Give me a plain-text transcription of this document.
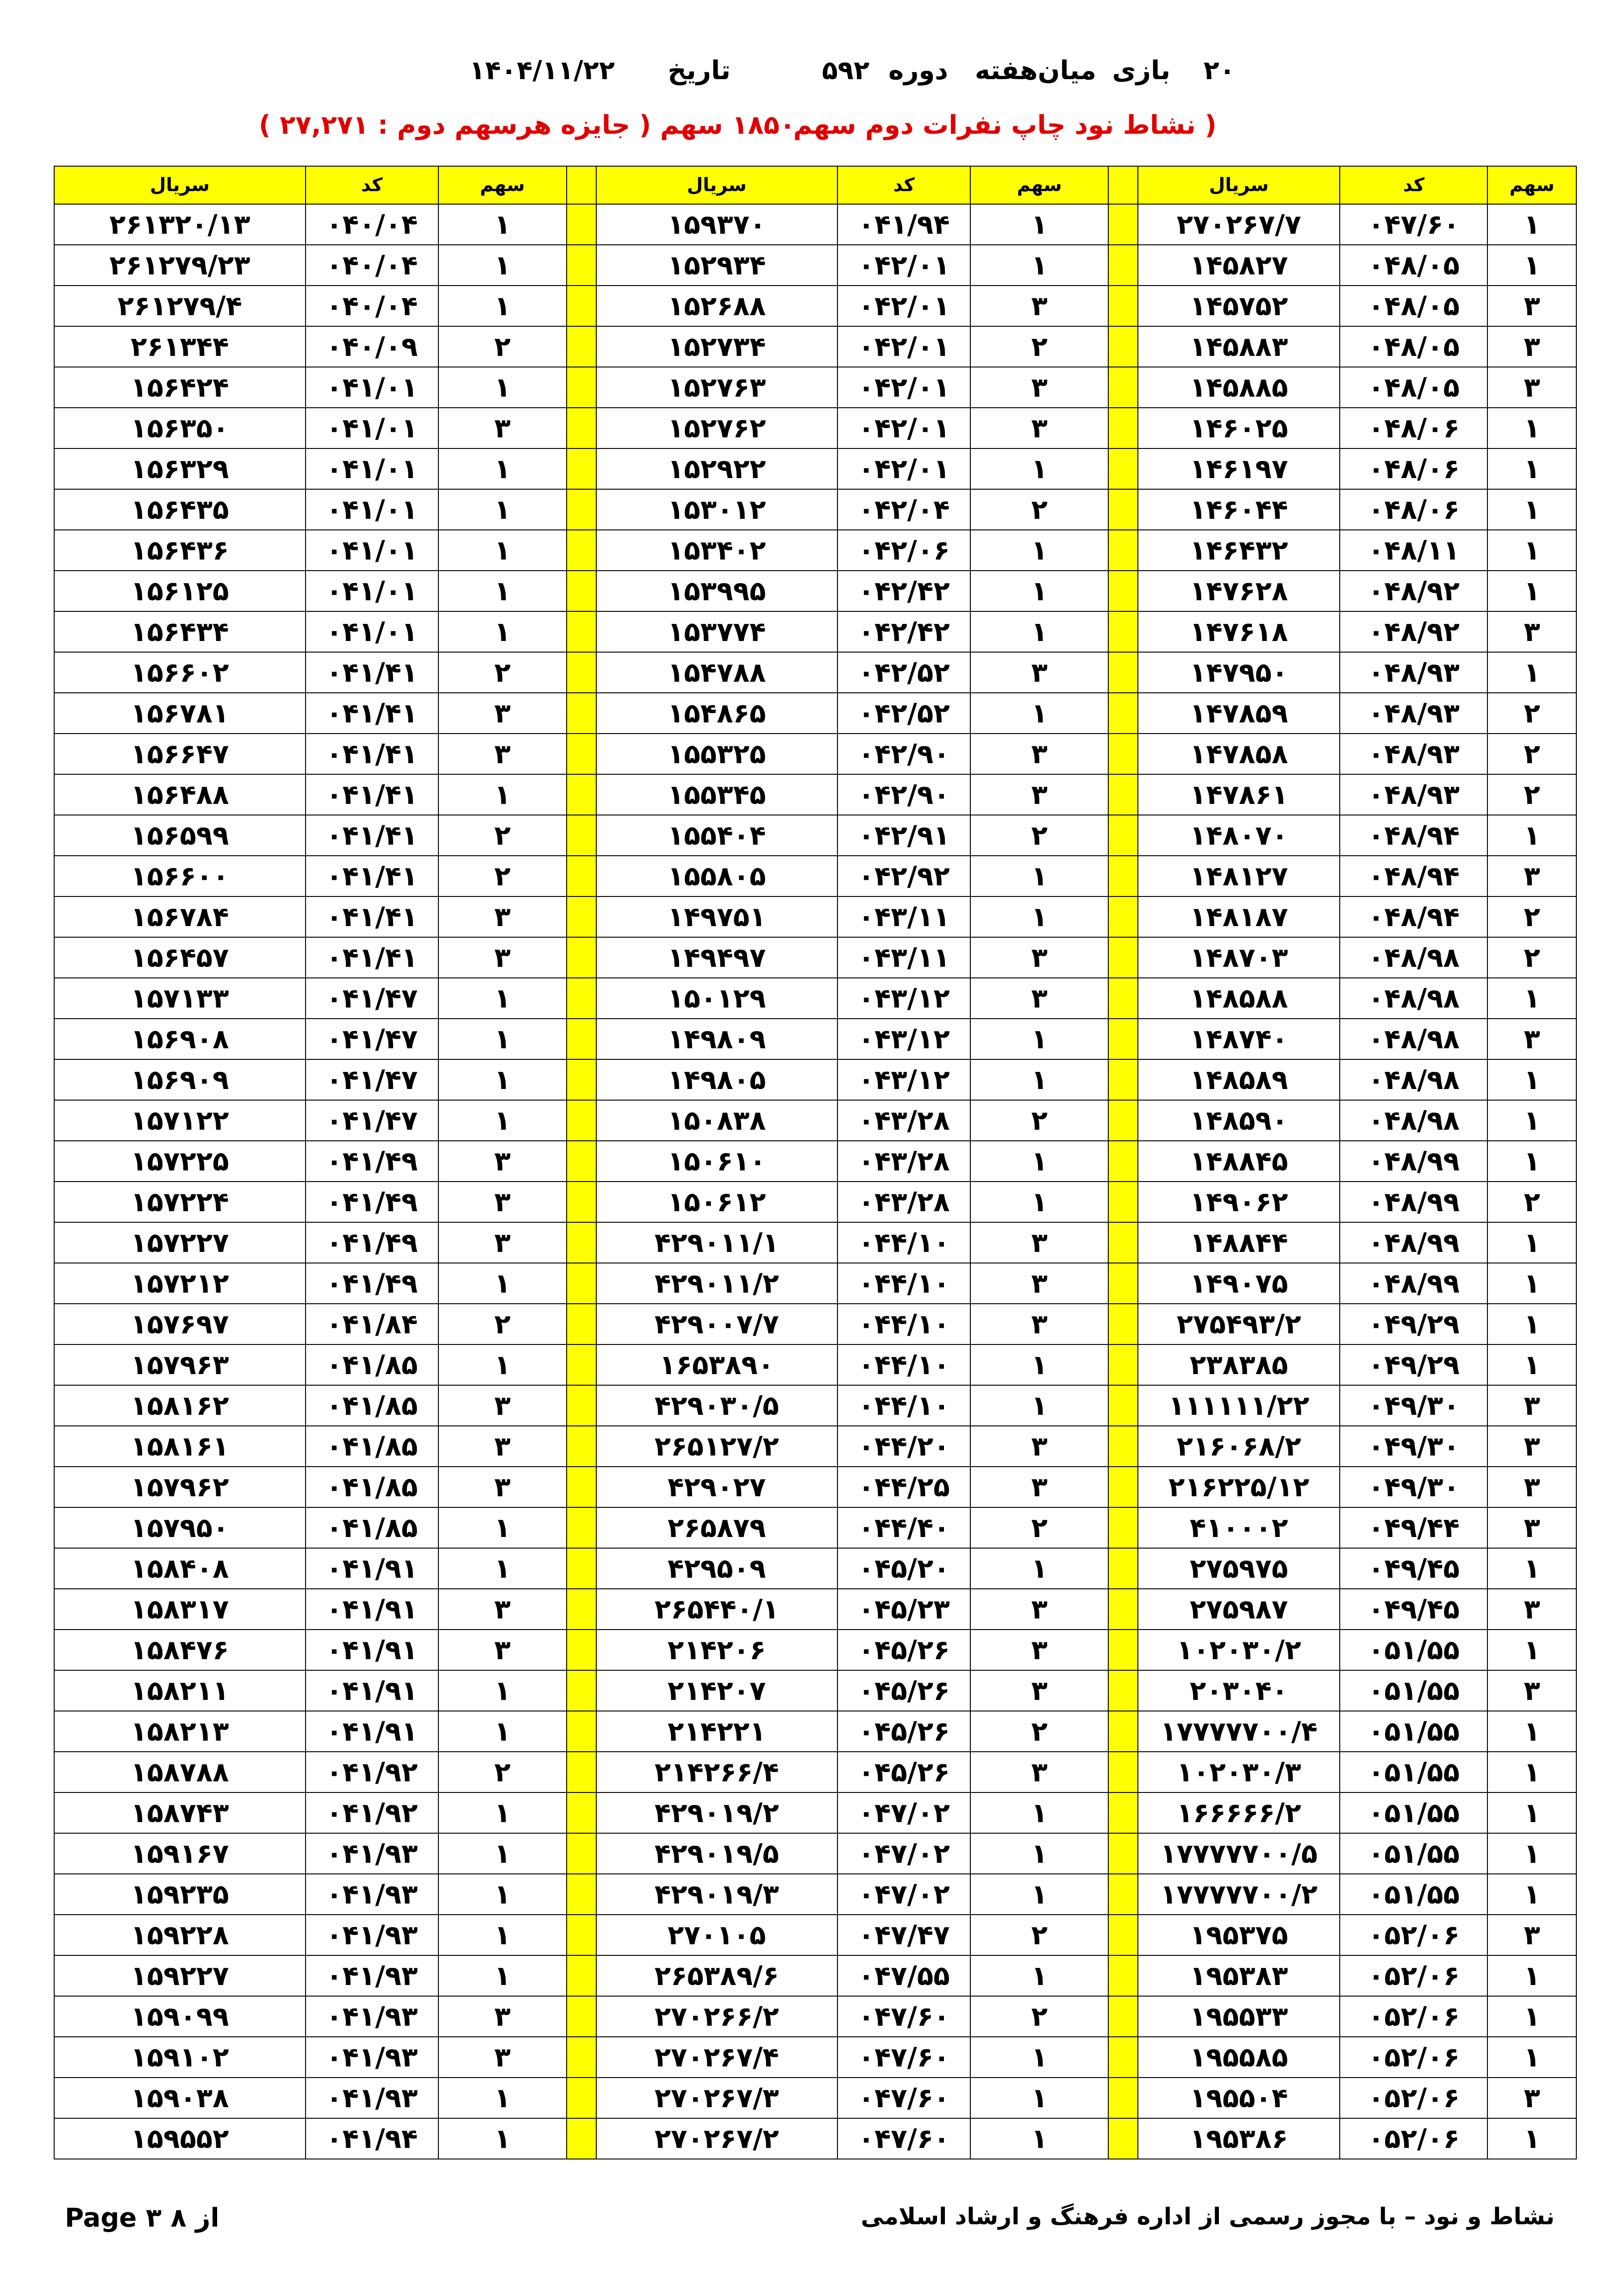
۲۰
بازی
میان‌هفته
دوره
۵۹۲
تاریخ
۱۴۰۴/۱۱/۲۲
( نشاط نود چاپ نفرات دوم سهم
۱۸۵۰ سهم ( جایزه هرسهم دوم : ۲۷,۲۷۱ )
سهم	کد	سریال		سهم	کد	سریال		سهم	کد	سریال
۱	۰۴۷/۶۰	۲۷۰۲۶۷/۷		۱	۰۴۱/۹۴	۱۵۹۳۷۰		۱	۰۴۰/۰۴	۲۶۱۳۲۰/۱۳
۱	۰۴۸/۰۵	۱۴۵۸۲۷		۱	۰۴۲/۰۱	۱۵۲۹۳۴		۱	۰۴۰/۰۴	۲۶۱۲۷۹/۲۳
۳	۰۴۸/۰۵	۱۴۵۷۵۲		۳	۰۴۲/۰۱	۱۵۲۶۸۸		۱	۰۴۰/۰۴	۲۶۱۲۷۹/۴
۳	۰۴۸/۰۵	۱۴۵۸۸۳		۲	۰۴۲/۰۱	۱۵۲۷۳۴		۲	۰۴۰/۰۹	۲۶۱۳۴۴
۳	۰۴۸/۰۵	۱۴۵۸۸۵		۳	۰۴۲/۰۱	۱۵۲۷۶۳		۱	۰۴۱/۰۱	۱۵۶۴۲۴
۱	۰۴۸/۰۶	۱۴۶۰۲۵		۳	۰۴۲/۰۱	۱۵۲۷۶۲		۳	۰۴۱/۰۱	۱۵۶۳۵۰
۱	۰۴۸/۰۶	۱۴۶۱۹۷		۱	۰۴۲/۰۱	۱۵۲۹۲۲		۱	۰۴۱/۰۱	۱۵۶۳۲۹
۱	۰۴۸/۰۶	۱۴۶۰۴۴		۲	۰۴۲/۰۴	۱۵۳۰۱۲		۱	۰۴۱/۰۱	۱۵۶۴۳۵
۱	۰۴۸/۱۱	۱۴۶۴۳۲		۱	۰۴۲/۰۶	۱۵۳۴۰۲		۱	۰۴۱/۰۱	۱۵۶۴۳۶
۱	۰۴۸/۹۲	۱۴۷۶۲۸		۱	۰۴۲/۴۲	۱۵۳۹۹۵		۱	۰۴۱/۰۱	۱۵۶۱۲۵
۳	۰۴۸/۹۲	۱۴۷۶۱۸		۱	۰۴۲/۴۲	۱۵۳۷۷۴		۱	۰۴۱/۰۱	۱۵۶۴۳۴
۱	۰۴۸/۹۳	۱۴۷۹۵۰		۳	۰۴۲/۵۲	۱۵۴۷۸۸		۲	۰۴۱/۴۱	۱۵۶۶۰۲
۲	۰۴۸/۹۳	۱۴۷۸۵۹		۱	۰۴۲/۵۲	۱۵۴۸۶۵		۳	۰۴۱/۴۱	۱۵۶۷۸۱
۲	۰۴۸/۹۳	۱۴۷۸۵۸		۳	۰۴۲/۹۰	۱۵۵۳۲۵		۳	۰۴۱/۴۱	۱۵۶۶۴۷
۲	۰۴۸/۹۳	۱۴۷۸۶۱		۳	۰۴۲/۹۰	۱۵۵۳۴۵		۱	۰۴۱/۴۱	۱۵۶۴۸۸
۱	۰۴۸/۹۴	۱۴۸۰۷۰		۲	۰۴۲/۹۱	۱۵۵۴۰۴		۲	۰۴۱/۴۱	۱۵۶۵۹۹
۳	۰۴۸/۹۴	۱۴۸۱۲۷		۱	۰۴۲/۹۲	۱۵۵۸۰۵		۲	۰۴۱/۴۱	۱۵۶۶۰۰
۲	۰۴۸/۹۴	۱۴۸۱۸۷		۱	۰۴۳/۱۱	۱۴۹۷۵۱		۳	۰۴۱/۴۱	۱۵۶۷۸۴
۲	۰۴۸/۹۸	۱۴۸۷۰۳		۳	۰۴۳/۱۱	۱۴۹۴۹۷		۳	۰۴۱/۴۱	۱۵۶۴۵۷
۱	۰۴۸/۹۸	۱۴۸۵۸۸		۳	۰۴۳/۱۲	۱۵۰۱۲۹		۱	۰۴۱/۴۷	۱۵۷۱۳۳
۳	۰۴۸/۹۸	۱۴۸۷۴۰		۱	۰۴۳/۱۲	۱۴۹۸۰۹		۱	۰۴۱/۴۷	۱۵۶۹۰۸
۱	۰۴۸/۹۸	۱۴۸۵۸۹		۱	۰۴۳/۱۲	۱۴۹۸۰۵		۱	۰۴۱/۴۷	۱۵۶۹۰۹
۱	۰۴۸/۹۸	۱۴۸۵۹۰		۲	۰۴۳/۲۸	۱۵۰۸۳۸		۱	۰۴۱/۴۷	۱۵۷۱۲۲
۱	۰۴۸/۹۹	۱۴۸۸۴۵		۱	۰۴۳/۲۸	۱۵۰۶۱۰		۳	۰۴۱/۴۹	۱۵۷۲۲۵
۲	۰۴۸/۹۹	۱۴۹۰۶۲		۱	۰۴۳/۲۸	۱۵۰۶۱۲		۳	۰۴۱/۴۹	۱۵۷۲۲۴
۱	۰۴۸/۹۹	۱۴۸۸۴۴		۳	۰۴۴/۱۰	۴۲۹۰۱۱/۱		۳	۰۴۱/۴۹	۱۵۷۲۲۷
۱	۰۴۸/۹۹	۱۴۹۰۷۵		۳	۰۴۴/۱۰	۴۲۹۰۱۱/۲		۱	۰۴۱/۴۹	۱۵۷۲۱۲
۱	۰۴۹/۲۹	۲۷۵۴۹۳/۲		۳	۰۴۴/۱۰	۴۲۹۰۰۷/۷		۲	۰۴۱/۸۴	۱۵۷۶۹۷
۱	۰۴۹/۲۹	۲۳۸۳۸۵		۱	۰۴۴/۱۰	۱۶۵۳۸۹۰		۱	۰۴۱/۸۵	۱۵۷۹۶۳
۳	۰۴۹/۳۰	۱۱۱۱۱۱/۲۲		۱	۰۴۴/۱۰	۴۲۹۰۳۰/۵		۳	۰۴۱/۸۵	۱۵۸۱۶۲
۳	۰۴۹/۳۰	۲۱۶۰۶۸/۲		۳	۰۴۴/۲۰	۲۶۵۱۲۷/۲		۳	۰۴۱/۸۵	۱۵۸۱۶۱
۳	۰۴۹/۳۰	۲۱۶۲۲۵/۱۲		۳	۰۴۴/۲۵	۴۲۹۰۲۷		۳	۰۴۱/۸۵	۱۵۷۹۶۲
۳	۰۴۹/۴۴	۴۱۰۰۰۲		۲	۰۴۴/۴۰	۲۶۵۸۷۹		۱	۰۴۱/۸۵	۱۵۷۹۵۰
۱	۰۴۹/۴۵	۲۷۵۹۷۵		۱	۰۴۵/۲۰	۴۲۹۵۰۹		۱	۰۴۱/۹۱	۱۵۸۴۰۸
۳	۰۴۹/۴۵	۲۷۵۹۸۷		۳	۰۴۵/۲۳	۲۶۵۴۴۰/۱		۳	۰۴۱/۹۱	۱۵۸۳۱۷
۱	۰۵۱/۵۵	۱۰۲۰۳۰/۲		۳	۰۴۵/۲۶	۲۱۴۲۰۶		۳	۰۴۱/۹۱	۱۵۸۴۷۶
۳	۰۵۱/۵۵	۲۰۳۰۴۰		۳	۰۴۵/۲۶	۲۱۴۲۰۷		۱	۰۴۱/۹۱	۱۵۸۲۱۱
۱	۰۵۱/۵۵	۱۷۷۷۷۷۰۰/۴		۲	۰۴۵/۲۶	۲۱۴۲۲۱		۱	۰۴۱/۹۱	۱۵۸۲۱۳
۱	۰۵۱/۵۵	۱۰۲۰۳۰/۳		۳	۰۴۵/۲۶	۲۱۴۲۶۶/۴		۲	۰۴۱/۹۲	۱۵۸۷۸۸
۱	۰۵۱/۵۵	۱۶۶۶۶۶/۲		۱	۰۴۷/۰۲	۴۲۹۰۱۹/۲		۱	۰۴۱/۹۲	۱۵۸۷۴۳
۱	۰۵۱/۵۵	۱۷۷۷۷۷۰۰/۵		۱	۰۴۷/۰۲	۴۲۹۰۱۹/۵		۱	۰۴۱/۹۳	۱۵۹۱۶۷
۱	۰۵۱/۵۵	۱۷۷۷۷۷۰۰/۲		۱	۰۴۷/۰۲	۴۲۹۰۱۹/۳		۱	۰۴۱/۹۳	۱۵۹۲۳۵
۳	۰۵۲/۰۶	۱۹۵۳۷۵		۲	۰۴۷/۴۷	۲۷۰۱۰۵		۱	۰۴۱/۹۳	۱۵۹۲۲۸
۱	۰۵۲/۰۶	۱۹۵۳۸۳		۱	۰۴۷/۵۵	۲۶۵۳۸۹/۶		۱	۰۴۱/۹۳	۱۵۹۲۲۷
۱	۰۵۲/۰۶	۱۹۵۵۳۳		۲	۰۴۷/۶۰	۲۷۰۲۶۶/۲		۳	۰۴۱/۹۳	۱۵۹۰۹۹
۱	۰۵۲/۰۶	۱۹۵۵۸۵		۱	۰۴۷/۶۰	۲۷۰۲۶۷/۴		۳	۰۴۱/۹۳	۱۵۹۱۰۲
۳	۰۵۲/۰۶	۱۹۵۵۰۴		۱	۰۴۷/۶۰	۲۷۰۲۶۷/۳		۱	۰۴۱/۹۳	۱۵۹۰۳۸
۱	۰۵۲/۰۶	۱۹۵۳۸۶		۱	۰۴۷/۶۰	۲۷۰۲۶۷/۲		۱	۰۴۱/۹۴	۱۵۹۵۵۲
نشاط و نود – با مجوز رسمی از اداره فرهنگ و ارشاد اسلامی
Page ۳ ۸ از
